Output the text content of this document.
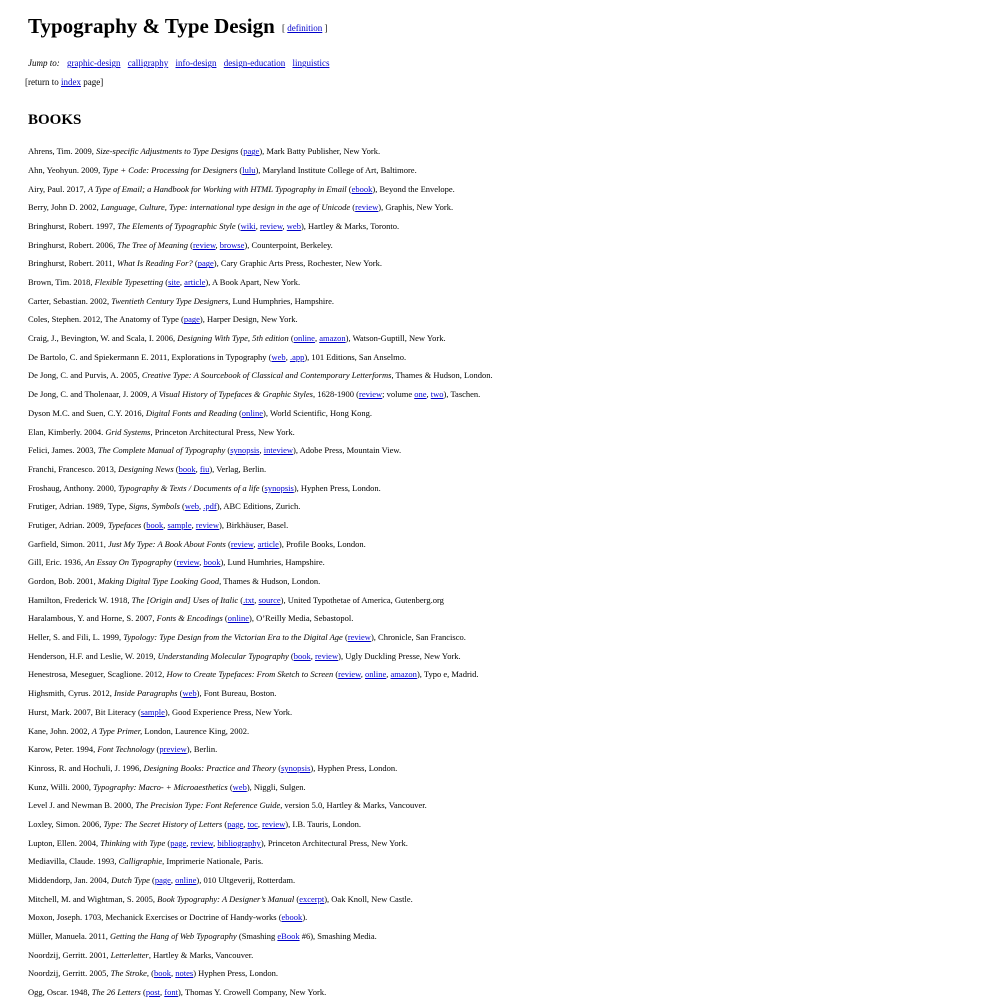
Typography & Type Design [ definition ]
Jump to: graphic-design calligraphy info-design design-education linguistics
[return to index page]
BOOKS
Ahrens, Tim. 2009, Size-specific Adjustments to Type Designs (page), Mark Batty Publisher, New York.
Ahn, Yeohyun. 2009, Type + Code: Processing for Designers (lulu), Maryland Institute College of Art, Baltimore.
Airy, Paul. 2017, A Type of Email; a Handbook for Working with HTML Typography in Email (ebook), Beyond the Envelope.
Berry, John D. 2002, Language, Culture, Type: international type design in the age of Unicode (review), Graphis, New York.
Bringhurst, Robert. 1997, The Elements of Typographic Style (wiki, review, web), Hartley & Marks, Toronto.
Bringhurst, Robert. 2006, The Tree of Meaning (review, browse), Counterpoint, Berkeley.
Bringhurst, Robert. 2011, What Is Reading For? (page), Cary Graphic Arts Press, Rochester, New York.
Brown, Tim. 2018, Flexible Typesetting (site, article), A Book Apart, New York.
Carter, Sebastian. 2002, Twentieth Century Type Designers, Lund Humphries, Hampshire.
Coles, Stephen. 2012, The Anatomy of Type (page), Harper Design, New York.
Craig, J., Bevington, W. and Scala, I. 2006, Designing With Type, 5th edition (online, amazon), Watson-Guptill, New York.
De Bartolo, C. and Spiekermann E. 2011, Explorations in Typography (web, .app), 101 Editions, San Anselmo.
De Jong, C. and Purvis, A. 2005, Creative Type: A Sourcebook of Classical and Contemporary Letterforms, Thames & Hudson, London.
De Jong, C. and Tholenaar, J. 2009, A Visual History of Typefaces & Graphic Styles, 1628-1900 (review; volume one, two), Taschen.
Dyson M.C. and Suen, C.Y. 2016, Digital Fonts and Reading (online), World Scientific, Hong Kong.
Elan, Kimberly. 2004. Grid Systems, Princeton Architectural Press, New York.
Felici, James. 2003, The Complete Manual of Typography (synopsis, inteview), Adobe Press, Mountain View.
Franchi, Francesco. 2013, Designing News (book, fiu), Verlag, Berlin.
Froshaug, Anthony. 2000, Typography & Texts / Documents of a life (synopsis), Hyphen Press, London.
Frutiger, Adrian. 1989, Type, Signs, Symbols (web, .pdf), ABC Editions, Zurich.
Frutiger, Adrian. 2009, Typefaces (book, sample, review), Birkhäuser, Basel.
Garfield, Simon. 2011, Just My Type: A Book About Fonts (review, article), Profile Books, London.
Gill, Eric. 1936, An Essay On Typography (review, book), Lund Humhries, Hampshire.
Gordon, Bob. 2001, Making Digital Type Looking Good, Thames & Hudson, London.
Hamilton, Frederick W. 1918, The [Origin and] Uses of Italic (.txt, source), United Typothetae of America, Gutenberg.org
Haralambous, Y. and Horne, S. 2007, Fonts & Encodings (online), O’Reilly Media, Sebastopol.
Heller, S. and Fili, L. 1999, Typology: Type Design from the Victorian Era to the Digital Age (review), Chronicle, San Francisco.
Henderson, H.F. and Leslie, W. 2019, Understanding Molecular Typography (book, review), Ugly Duckling Presse, New York.
Henestrosa, Meseguer, Scaglione. 2012, How to Create Typefaces: From Sketch to Screen (review, online, amazon), Typo e, Madrid.
Highsmith, Cyrus. 2012, Inside Paragraphs (web), Font Bureau, Boston.
Hurst, Mark. 2007, Bit Literacy (sample), Good Experience Press, New York.
Kane, John. 2002, A Type Primer, London, Laurence King, 2002.
Karow, Peter. 1994, Font Technology (preview), Berlin.
Kinross, R. and Hochuli, J. 1996, Designing Books: Practice and Theory (synopsis), Hyphen Press, London.
Kunz, Willi. 2000, Typography: Macro- + Microaesthetics (web), Niggli, Sulgen.
Level J. and Newman B. 2000, The Precision Type: Font Reference Guide, version 5.0, Hartley & Marks, Vancouver.
Loxley, Simon. 2006, Type: The Secret History of Letters (page, toc, review), I.B. Tauris, London.
Lupton, Ellen. 2004, Thinking with Type (page, review, bibliography), Princeton Architectural Press, New York.
Mediavilla, Claude. 1993, Calligraphie, Imprimerie Nationale, Paris.
Middendorp, Jan. 2004, Dutch Type (page, online), 010 Ultgeverij, Rotterdam.
Mitchell, M. and Wightman, S. 2005, Book Typography: A Designer’s Manual (excerpt), Oak Knoll, New Castle.
Moxon, Joseph. 1703, Mechanick Exercises or Doctrine of Handy-works (ebook).
Müller, Manuela. 2011, Getting the Hang of Web Typography (Smashing eBook #6), Smashing Media.
Noordzij, Gerritt. 2001, Letterletter, Hartley & Marks, Vancouver.
Noordzij, Gerritt. 2005, The Stroke, (book, notes) Hyphen Press, London.
Ogg, Oscar. 1948, The 26 Letters (post, font), Thomas Y. Crowell Company, New York.
